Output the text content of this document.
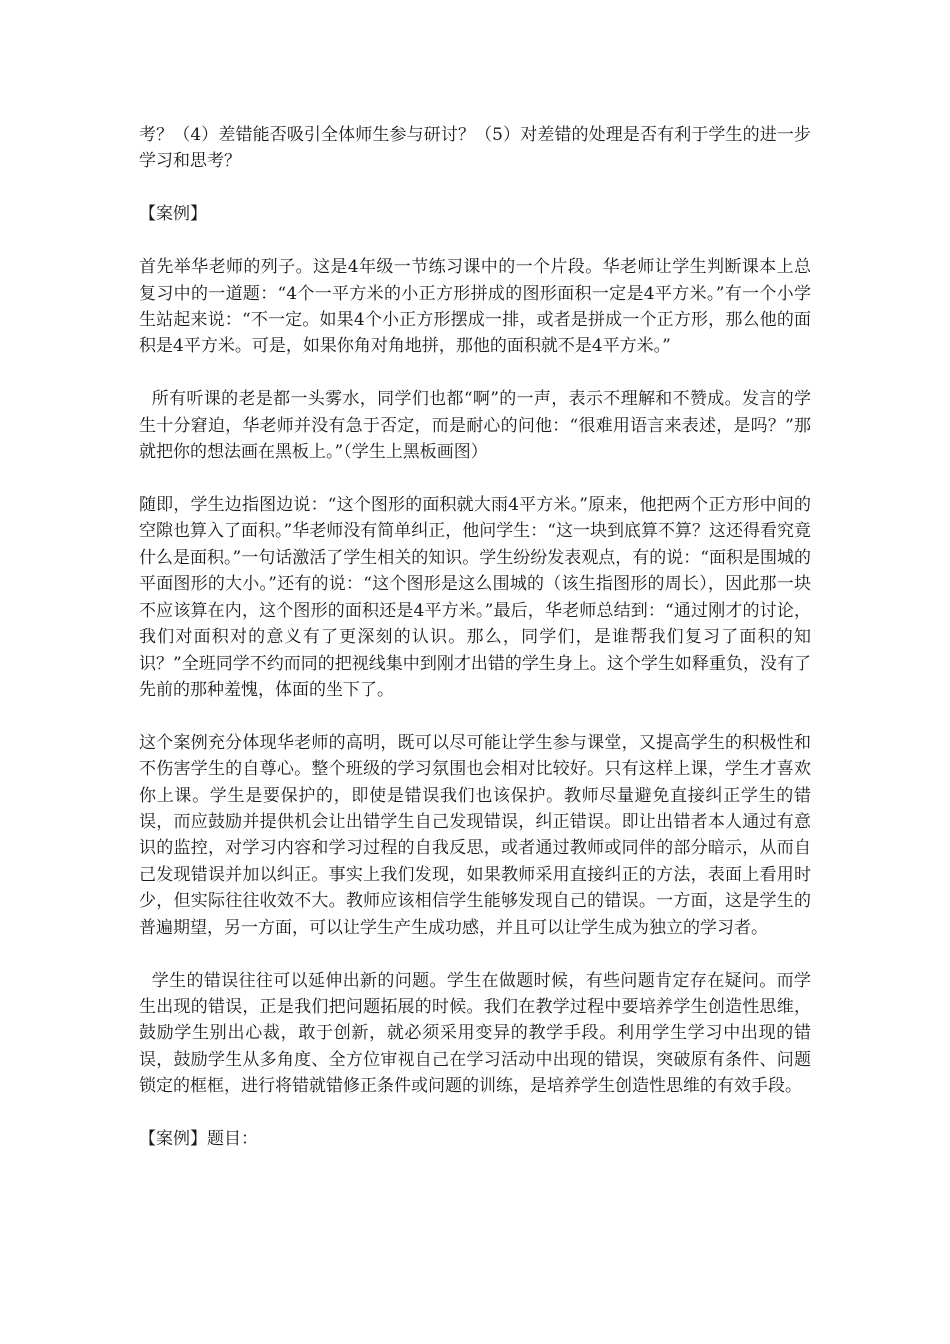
考？（4）差错能否吸引全体师生参与研讨？（5）对差错的处理是否有利于学生的进一步学习和思考？

【案例】

首先举华老师的列子。这是4年级一节练习课中的一个片段。华老师让学生判断课本上总复习中的一道题：“4个一平方米的小正方形拼成的图形面积一定是4平方米。”有一个小学生站起来说：“不一定。如果4个小正方形摆成一排，或者是拼成一个正方形，那么他的面积是4平方米。可是，如果你角对角地拼，那他的面积就不是4平方米。”

所有听课的老是都一头雾水，同学们也都“啊”的一声，表示不理解和不赞成。发言的学生十分窘迫，华老师并没有急于否定，而是耐心的问他：“很难用语言来表述，是吗？”那就把你的想法画在黑板上。”（学生上黑板画图）

随即，学生边指图边说：“这个图形的面积就大雨4平方米。”原来，他把两个正方形中间的空隙也算入了面积。”华老师没有简单纠正，他问学生：“这一块到底算不算？这还得看究竟什么是面积。”一句话激活了学生相关的知识。学生纷纷发表观点，有的说：“面积是围城的平面图形的大小。”还有的说：“这个图形是这么围城的（该生指图形的周长），因此那一块不应该算在内，这个图形的面积还是4平方米。”最后，华老师总结到：“通过刚才的讨论，我们对面积对的意义有了更深刻的认识。那么，同学们，是谁帮我们复习了面积的知识？”全班同学不约而同的把视线集中到刚才出错的学生身上。这个学生如释重负，没有了先前的那种羞愧，体面的坐下了。

这个案例充分体现华老师的高明，既可以尽可能让学生参与课堂，又提高学生的积极性和不伤害学生的自尊心。整个班级的学习氛围也会相对比较好。只有这样上课，学生才喜欢你上课。学生是要保护的，即使是错误我们也该保护。教师尽量避免直接纠正学生的错误，而应鼓励并提供机会让出错学生自己发现错误，纠正错误。即让出错者本人通过有意识的监控，对学习内容和学习过程的自我反思，或者通过教师或同伴的部分暗示，从而自己发现错误并加以纠正。事实上我们发现，如果教师采用直接纠正的方法，表面上看用时少，但实际往往收效不大。教师应该相信学生能够发现自己的错误。一方面，这是学生的普遍期望，另一方面，可以让学生产生成功感，并且可以让学生成为独立的学习者。

学生的错误往往可以延伸出新的问题。学生在做题时候，有些问题肯定存在疑问。而学生出现的错误，正是我们把问题拓展的时候。我们在教学过程中要培养学生创造性思维，鼓励学生别出心裁，敢于创新，就必须采用变异的教学手段。利用学生学习中出现的错误，鼓励学生从多角度、全方位审视自己在学习活动中出现的错误，突破原有条件、问题锁定的框框，进行将错就错修正条件或问题的训练，是培养学生创造性思维的有效手段。

【案例】题目：
